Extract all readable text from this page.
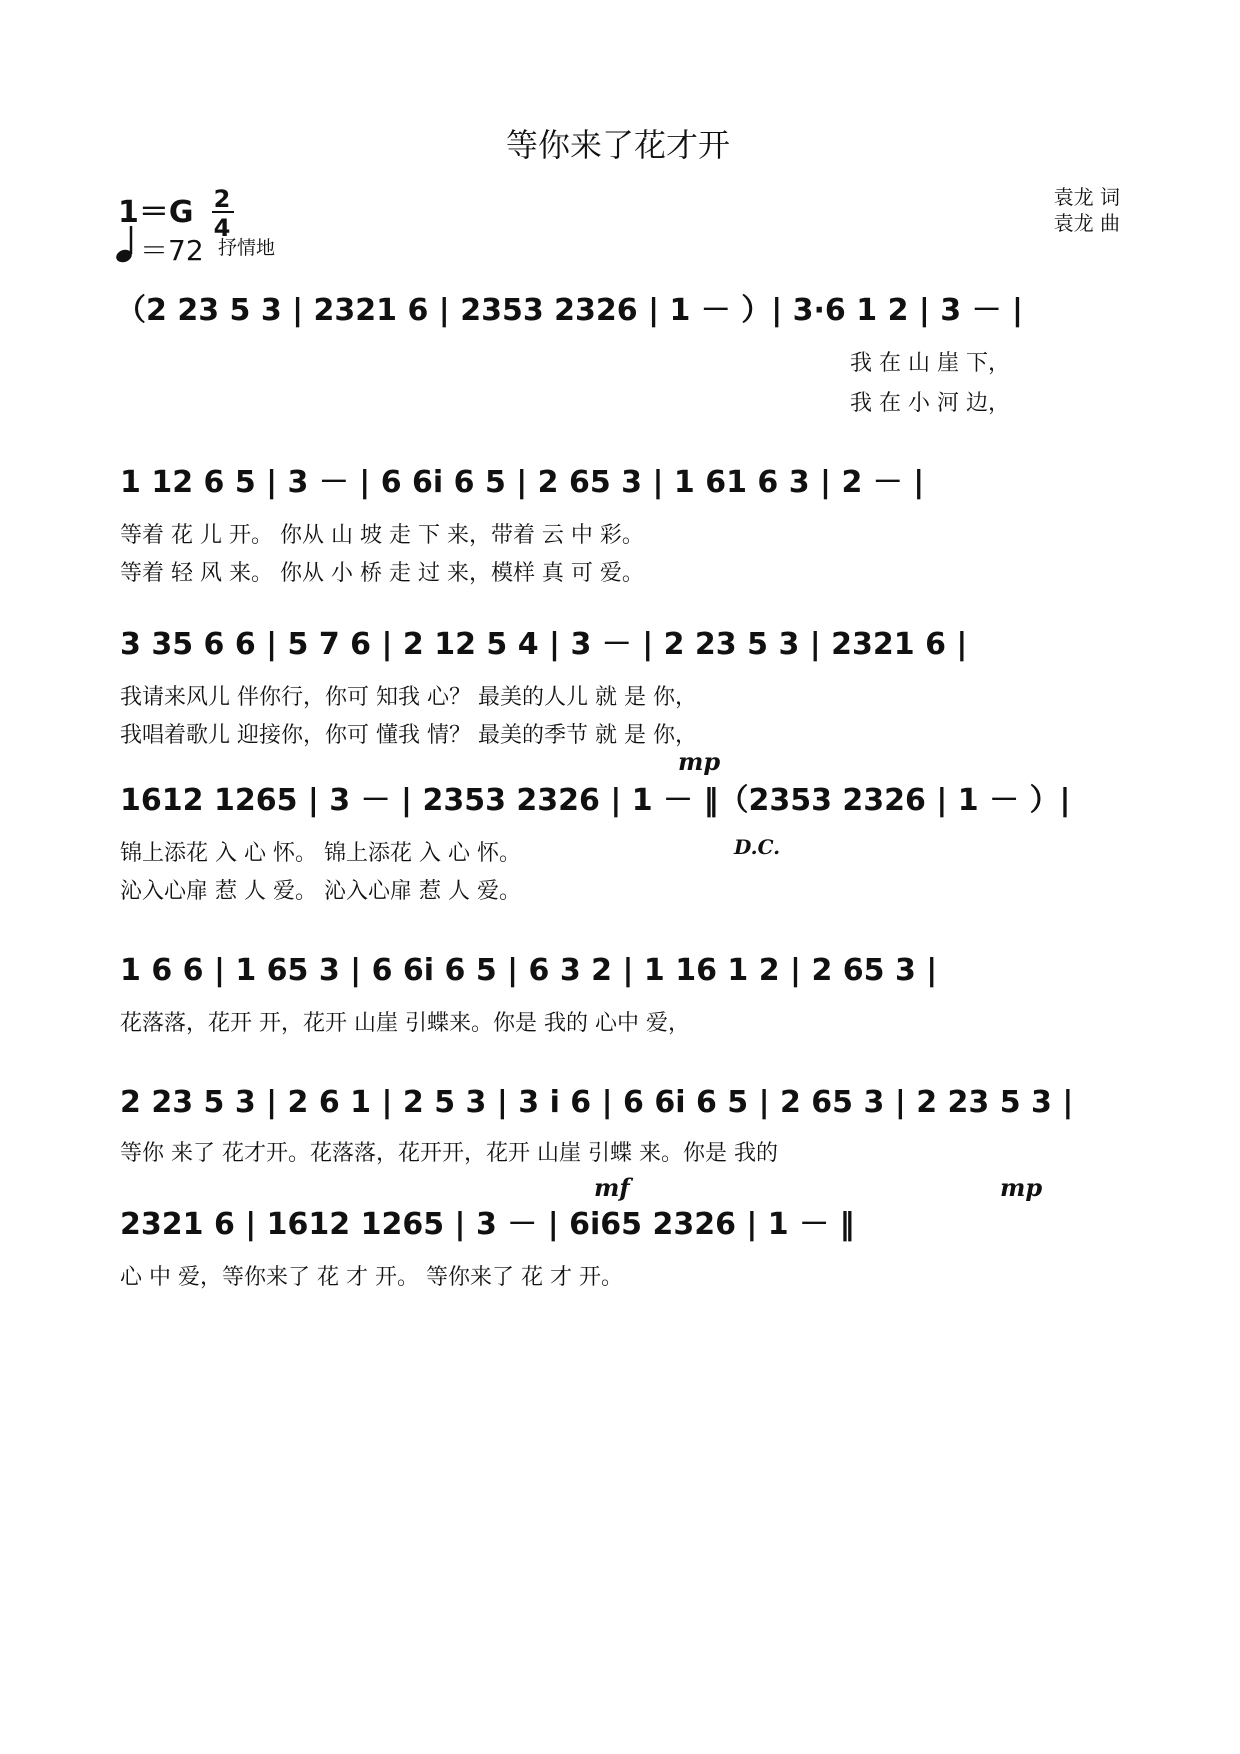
等你来了花才开
1＝G 2
4
＝72 抒情地
袁龙 词
袁龙 曲
（2 23 5 3 | 2321 6 | 2353 2326 | 1 － ）| 3·6 1 2 | 3 － |
我 在 山 崖 下，
我 在 小 河 边，
1 12 6 5 | 3 － | 6 6i 6 5 | 2 65 3 | 1 61 6 3 | 2 － |
等着 花 儿 开。 你从 山 坡 走 下 来，带着 云 中 彩。
等着 轻 风 来。 你从 小 桥 走 过 来，模样 真 可 爱。
3 35 6 6 | 5 7 6 | 2 12 5 4 | 3 － | 2 23 5 3 | 2321 6 |
我请来风儿 伴你行，你可 知我 心？ 最美的人儿 就 是 你，
我唱着歌儿 迎接你，你可 懂我 情？ 最美的季节 就 是 你，
mp
1612 1265 | 3 － | 2353 2326 | 1 － ‖（2353 2326 | 1 － ）|
锦上添花 入 心 怀。 锦上添花 入 心 怀。	D.C.
沁入心扉 惹 人 爱。 沁入心扉 惹 人 爱。
1 6 6 | 1 65 3 | 6 6i 6 5 | 6 3 2 | 1 16 1 2 | 2 65 3 |
花落落，花开 开，花开 山崖 引蝶来。你是 我的 心中 爱，
2 23 5 3 | 2 6 1 | 2 5 3 | 3 i 6 | 6 6i 6 5 | 2 65 3 | 2 23 5 3 |
等你 来了 花才开。花落落，花开开，花开 山崖 引蝶 来。你是 我的
mf	mp
2321 6 | 1612 1265 | 3 － | 6i65 2326 | 1 － ‖
心 中 爱，等你来了 花 才 开。 等你来了 花 才 开。
